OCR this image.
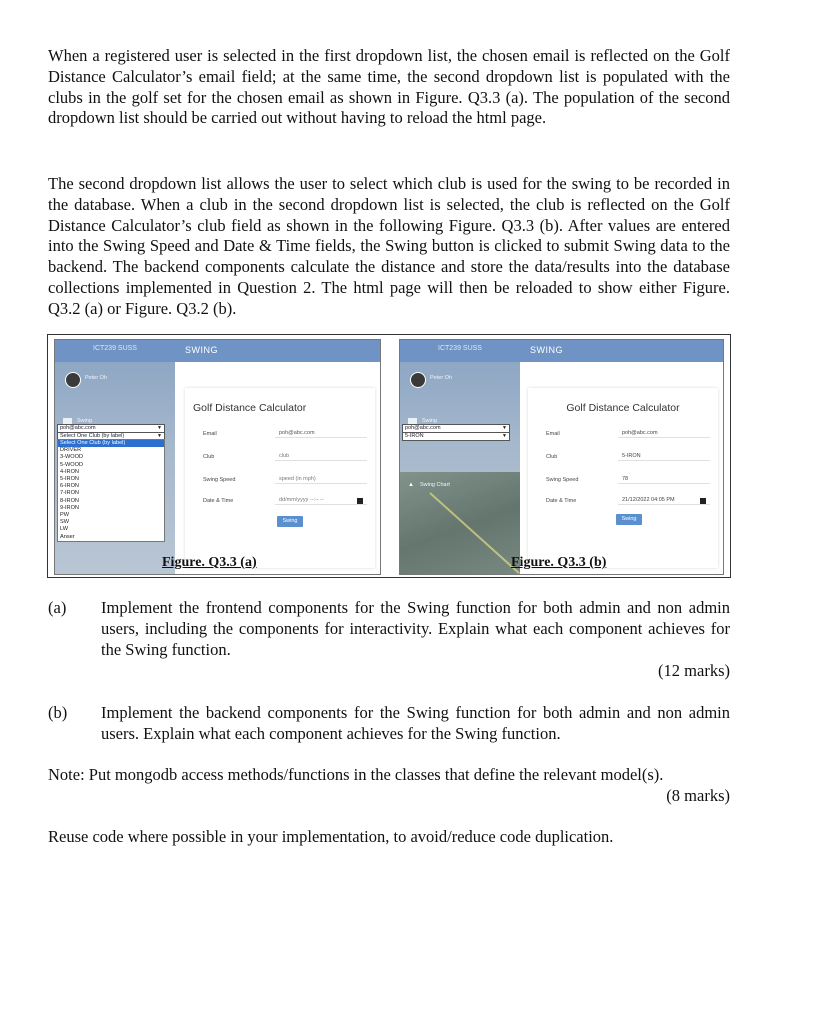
When a registered user is selected in the first dropdown list, the chosen email is reflected on the Golf Distance Calculator’s email field; at the same time, the second dropdown list is populated with the clubs in the golf set for the chosen email as shown in Figure. Q3.3 (a). The population of the second dropdown list should be carried out without having to reload the html page.

The second dropdown list allows the user to select which club is used for the swing to be recorded in the database. When a club in the second dropdown list is selected, the club is reflected on the Golf Distance Calculator’s club field as shown in the following Figure. Q3.3 (b). After values are entered into the Swing Speed and Date & Time fields, the Swing button is clicked to submit Swing data to the backend. The backend components calculate the distance and store the data/results into the database collections implemented in Question 2. The html page will then be reloaded to show either Figure. Q3.2 (a) or Figure. Q3.2 (b).

ICT239 SUSS	SWING
Peter Oh
Swing
poh@abc.com	▼
Select One Club (by label)	▼
Select One Club (by label)
DRIVER
3-WOOD
5-WOOD
4-IRON
5-IRON
6-IRON
7-IRON
8-IRON
9-IRON
PW
SW
LW
Anser
Golf Distance Calculator
Email	poh@abc.com
Club	club
Swing Speed	speed (in mph)
Date & Time	dd/mm/yyyy --:-- --
Swing
ICT239 SUSS	SWING
Peter Oh
Swing
▲ Swing Chart
poh@abc.com	▼
5-IRON	▼
Golf Distance Calculator
Email	poh@abc.com
Club	5-IRON
Swing Speed	78
Date & Time	21/12/2022 04:05 PM
Swing
Figure. Q3.3 (a)	Figure. Q3.3 (b)
(a) Implement the frontend components for the Swing function for both admin and non admin users, including the components for interactivity. Explain what each component achieves for the Swing function.

(12 marks)
(b) Implement the backend components for the Swing function for both admin and non admin users. Explain what each component achieves for the Swing function.

Note: Put mongodb access methods/functions in the classes that define the relevant model(s).
(8 marks)
Reuse code where possible in your implementation, to avoid/reduce code duplication.
